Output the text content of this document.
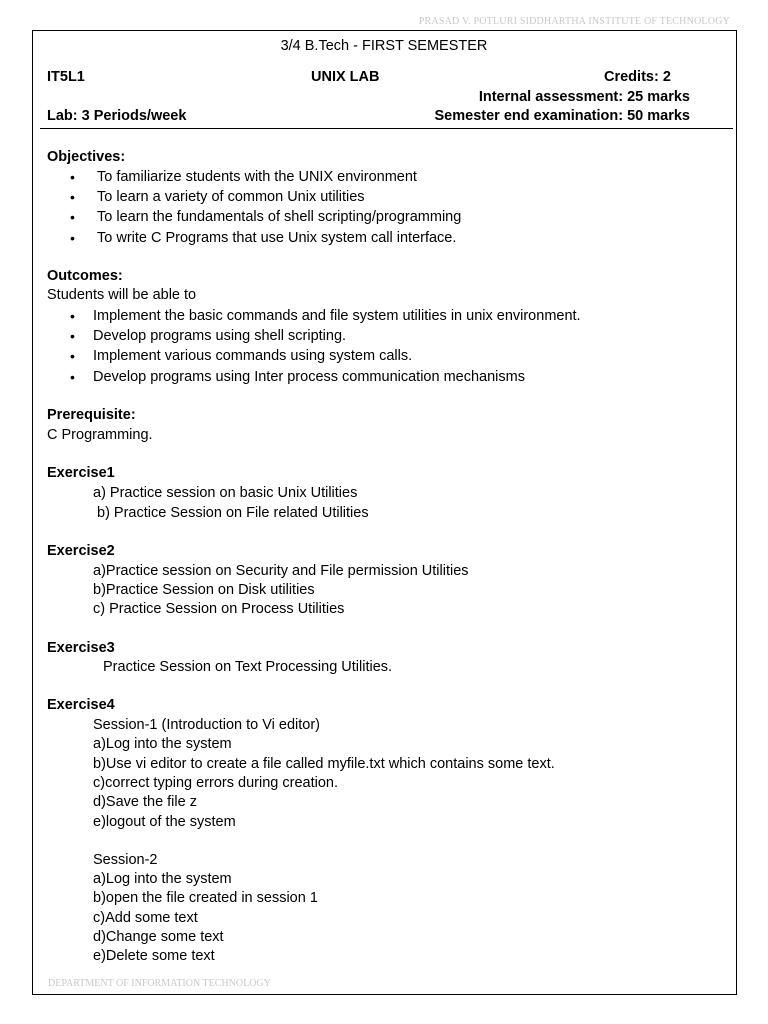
PRASAD V. POTLURI SIDDHARTHA INSTITUTE OF TECHNOLOGY
3/4 B.Tech - FIRST SEMESTER
IT5L1	UNIX LAB	Credits: 2
Internal assessment: 25 marks
Lab: 3 Periods/week	Semester end examination: 50 marks
Objectives:
• To familiarize students with the UNIX environment
• To learn a variety of common Unix utilities
• To learn the fundamentals of shell scripting/programming
• To write C Programs that use Unix system call interface.
Outcomes:
Students will be able to
• Implement the basic commands and file system utilities in unix environment.
• Develop programs using shell scripting.
• Implement various commands using system calls.
• Develop programs using Inter process communication mechanisms
Prerequisite:
C Programming.
Exercise1
a) Practice session on basic Unix Utilities
b) Practice Session on File related Utilities
Exercise2
a)Practice session on Security and File permission Utilities
b)Practice Session on Disk utilities
c) Practice Session on Process Utilities
Exercise3
Practice Session on Text Processing Utilities.
Exercise4
Session-1 (Introduction to Vi editor)
a)Log into the system
b)Use vi editor to create a file called myfile.txt which contains some text.
c)correct typing errors during creation.
d)Save the file z
e)logout of the system
Session-2
a)Log into the system
b)open the file created in session 1
c)Add some text
d)Change some text
e)Delete some text
DEPARTMENT OF INFORMATION TECHNOLOGY
